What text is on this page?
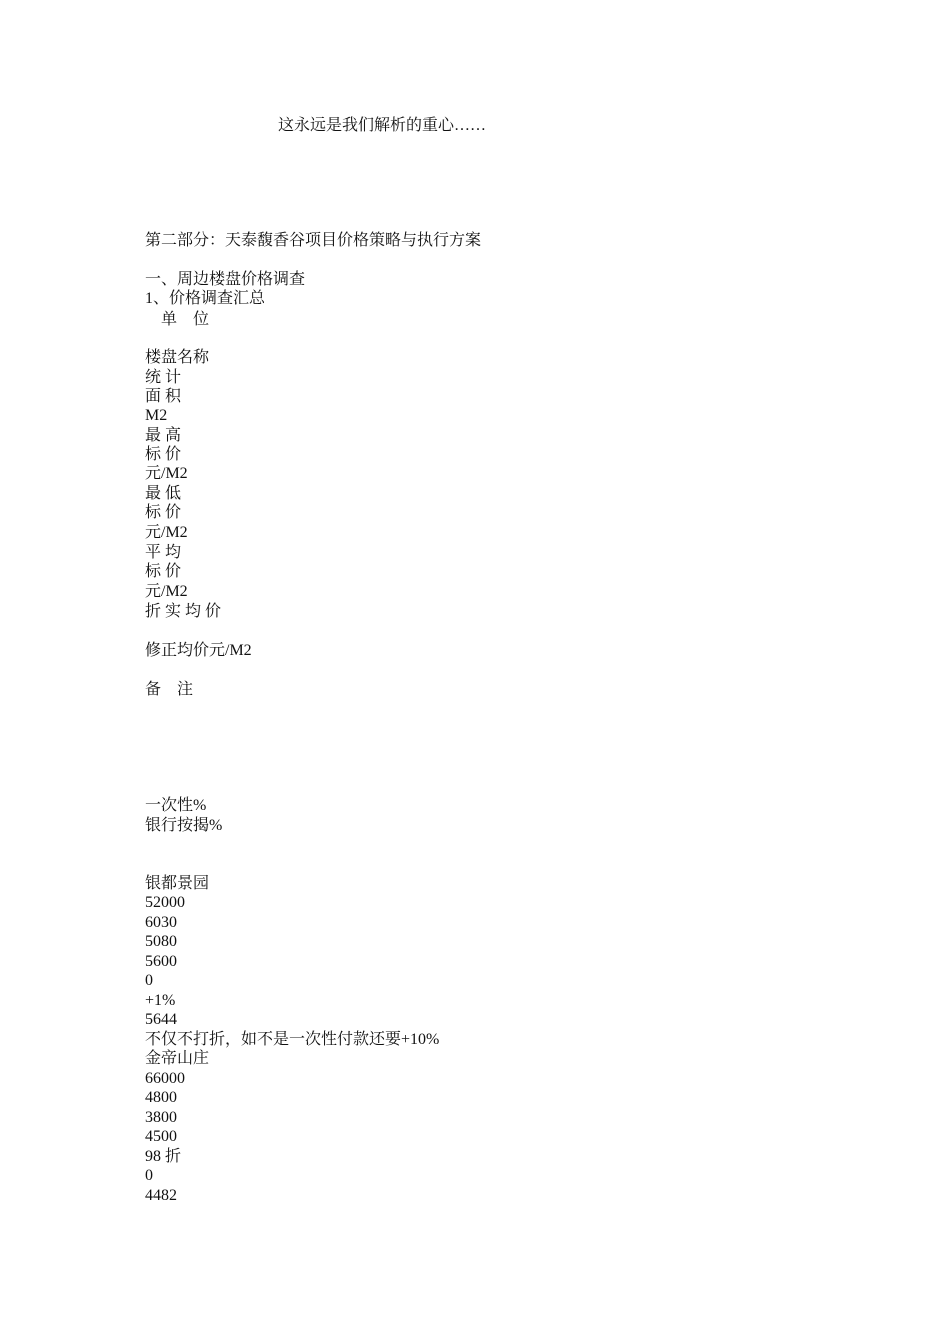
这永远是我们解析的重心……
第二部分：天泰馥香谷项目价格策略与执行方案
一、周边楼盘价格调查
1、价格调查汇总
单　位
楼盘名称
统 计
面 积
M2
最 高
标 价
元/M2
最 低
标 价
元/M2
平 均
标 价
元/M2
折 实 均 价
修正均价元/M2
备　注
一次性%
银行按揭%
银都景园
52000
6030
5080
5600
0
+1%
5644
不仅不打折，如不是一次性付款还要+10%
金帝山庄
66000
4800
3800
4500
98 折
0
4482
